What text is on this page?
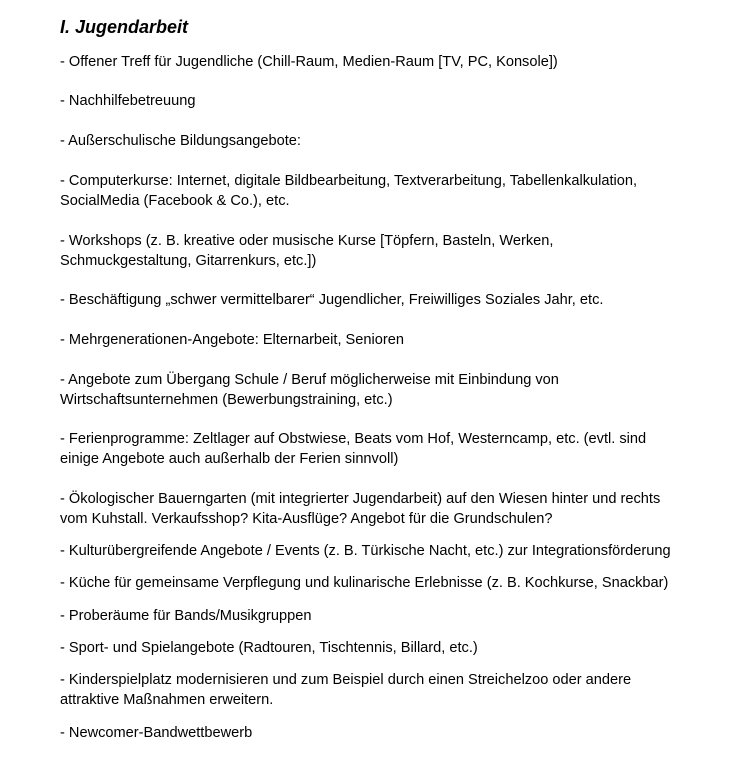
I. Jugendarbeit

- Offener Treff für Jugendliche (Chill-Raum, Medien-Raum [TV, PC, Konsole])

- Nachhilfebetreuung

- Außerschulische Bildungsangebote:

- Computerkurse: Internet, digitale Bildbearbeitung, Textverarbeitung, Tabellenkalkulation,
SocialMedia (Facebook & Co.), etc.

- Workshops (z. B. kreative oder musische Kurse [Töpfern, Basteln, Werken,
Schmuckgestaltung, Gitarrenkurs, etc.])

- Beschäftigung „schwer vermittelbarer“ Jugendlicher, Freiwilliges Soziales Jahr, etc.

- Mehrgenerationen-Angebote: Elternarbeit, Senioren

- Angebote zum Übergang Schule / Beruf möglicherweise mit Einbindung von
Wirtschaftsunternehmen (Bewerbungstraining, etc.)

- Ferienprogramme: Zeltlager auf Obstwiese, Beats vom Hof, Westerncamp, etc. (evtl. sind
einige Angebote auch außerhalb der Ferien sinnvoll)

- Ökologischer Bauerngarten (mit integrierter Jugendarbeit) auf den Wiesen hinter und rechts
vom Kuhstall. Verkaufsshop? Kita-Ausflüge? Angebot für die Grundschulen?

- Kulturübergreifende Angebote / Events (z. B. Türkische Nacht, etc.) zur Integrationsförderung

- Küche für gemeinsame Verpflegung und kulinarische Erlebnisse (z. B. Kochkurse, Snackbar)

- Proberäume für Bands/Musikgruppen

- Sport- und Spielangebote (Radtouren, Tischtennis, Billard, etc.)

- Kinderspielplatz modernisieren und zum Beispiel durch einen Streichelzoo oder andere
attraktive Maßnahmen erweitern.

- Newcomer-Bandwettbewerb
